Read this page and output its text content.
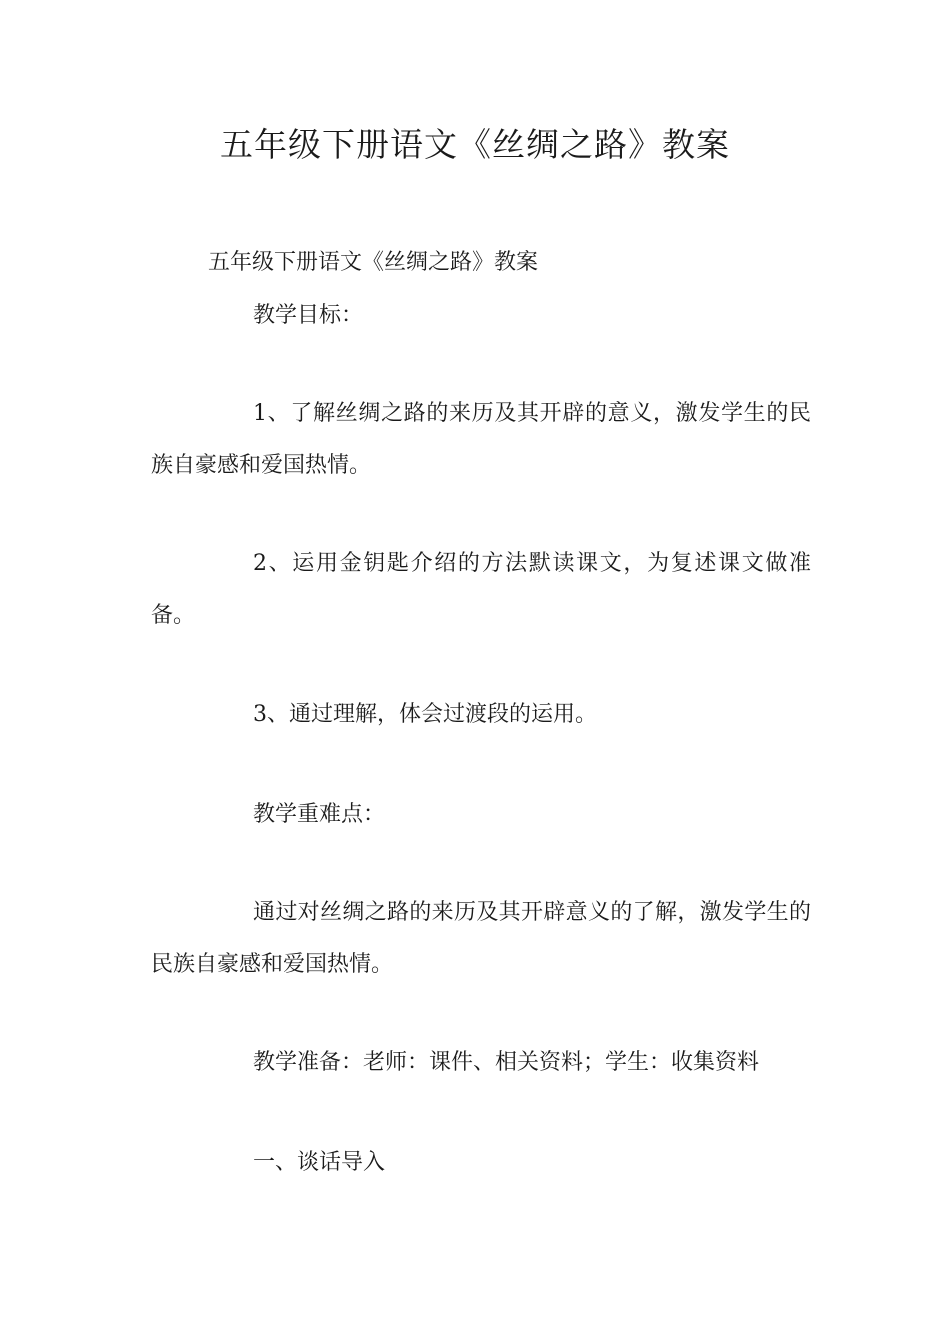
五年级下册语文《丝绸之路》教案
五年级下册语文《丝绸之路》教案
教学目标：
1、了解丝绸之路的来历及其开辟的意义，激发学生的民族自豪感和爱国热情。
2、运用金钥匙介绍的方法默读课文，为复述课文做准备。
3、通过理解，体会过渡段的运用。
教学重难点：
通过对丝绸之路的来历及其开辟意义的了解，激发学生的民族自豪感和爱国热情。
教学准备：老师：课件、相关资料；学生：收集资料
一、谈话导入
